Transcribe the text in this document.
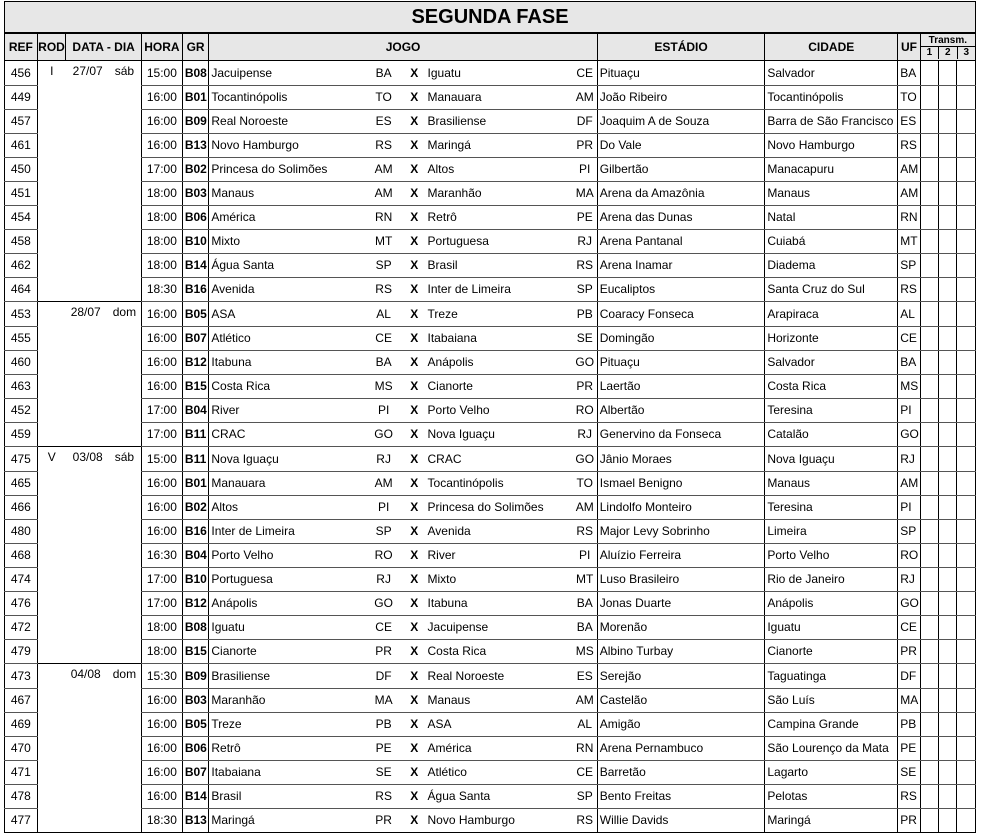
SEGUNDA FASE
REF	ROD	DATA - DIA	HORA	GR	JOGO					ESTÁDIO	CIDADE	UF	Transm.
1 2 3		

456	I	27/07 sáb	15:00	B08	Jacuipense	BA	X	Iguatu	CE	Pituaçu	Salvador	BA			
449			16:00	B01	Tocantinópolis	TO	X	Manauara	AM	João Ribeiro	Tocantinópolis	TO			
457			16:00	B09	Real Noroeste	ES	X	Brasiliense	DF	Joaquim A de Souza	Barra de São Francisco	ES			
461			16:00	B13	Novo Hamburgo	RS	X	Maringá	PR	Do Vale	Novo Hamburgo	RS			
450			17:00	B02	Princesa do Solimões	AM	X	Altos	PI	Gilbertão	Manacapuru	AM			
451			18:00	B03	Manaus	AM	X	Maranhão	MA	Arena da Amazônia	Manaus	AM			
454			18:00	B06	América	RN	X	Retrô	PE	Arena das Dunas	Natal	RN			
458			18:00	B10	Mixto	MT	X	Portuguesa	RJ	Arena Pantanal	Cuiabá	MT			
462			18:00	B14	Água Santa	SP	X	Brasil	RS	Arena Inamar	Diadema	SP			
464			18:30	B16	Avenida	RS	X	Inter de Limeira	SP	Eucaliptos	Santa Cruz do Sul	RS			
453		28/07 dom	16:00	B05	ASA	AL	X	Treze	PB	Coaracy Fonseca	Arapiraca	AL			
455			16:00	B07	Atlético	CE	X	Itabaiana	SE	Domingão	Horizonte	CE			
460			16:00	B12	Itabuna	BA	X	Anápolis	GO	Pituaçu	Salvador	BA			
463			16:00	B15	Costa Rica	MS	X	Cianorte	PR	Laertão	Costa Rica	MS			
452			17:00	B04	River	PI	X	Porto Velho	RO	Albertão	Teresina	PI			
459			17:00	B11	CRAC	GO	X	Nova Iguaçu	RJ	Genervino da Fonseca	Catalão	GO			
475	V	03/08 sáb	15:00	B11	Nova Iguaçu	RJ	X	CRAC	GO	Jânio Moraes	Nova Iguaçu	RJ			
465			16:00	B01	Manauara	AM	X	Tocantinópolis	TO	Ismael Benigno	Manaus	AM			
466			16:00	B02	Altos	PI	X	Princesa do Solimões	AM	Lindolfo Monteiro	Teresina	PI			
480			16:00	B16	Inter de Limeira	SP	X	Avenida	RS	Major Levy Sobrinho	Limeira	SP			
468			16:30	B04	Porto Velho	RO	X	River	PI	Aluízio Ferreira	Porto Velho	RO			
474			17:00	B10	Portuguesa	RJ	X	Mixto	MT	Luso Brasileiro	Rio de Janeiro	RJ			
476			17:00	B12	Anápolis	GO	X	Itabuna	BA	Jonas Duarte	Anápolis	GO			
472			18:00	B08	Iguatu	CE	X	Jacuipense	BA	Morenão	Iguatu	CE			
479			18:00	B15	Cianorte	PR	X	Costa Rica	MS	Albino Turbay	Cianorte	PR			
473		04/08 dom	15:30	B09	Brasiliense	DF	X	Real Noroeste	ES	Serejão	Taguatinga	DF			
467			16:00	B03	Maranhão	MA	X	Manaus	AM	Castelão	São Luís	MA			
469			16:00	B05	Treze	PB	X	ASA	AL	Amigão	Campina Grande	PB			
470			16:00	B06	Retrô	PE	X	América	RN	Arena Pernambuco	São Lourenço da Mata	PE			
471			16:00	B07	Itabaiana	SE	X	Atlético	CE	Barretão	Lagarto	SE			
478			16:00	B14	Brasil	RS	X	Água Santa	SP	Bento Freitas	Pelotas	RS			
477			18:30	B13	Maringá	PR	X	Novo Hamburgo	RS	Willie Davids	Maringá	PR			
